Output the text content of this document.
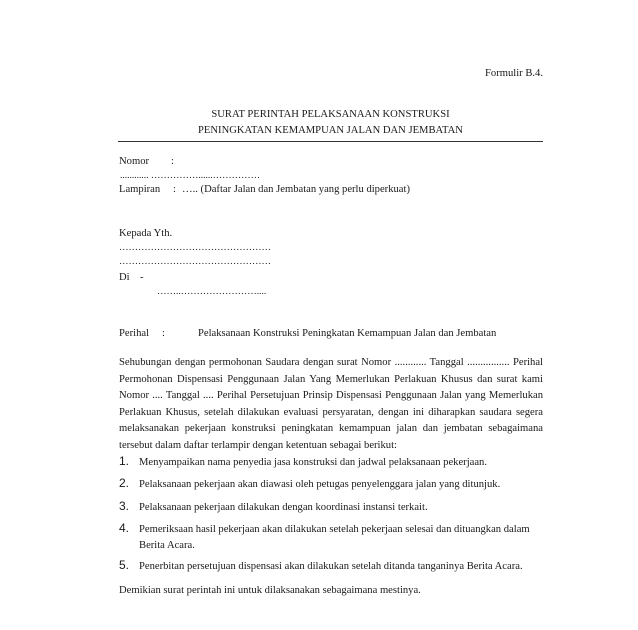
Formulir B.4.
SURAT PERINTAH PELAKSANAAN KONSTRUKSI
PENINGKATAN KEMAMPUAN JALAN DAN JEMBATAN
Nomor :
............ ……………......……………
Lampiran : ….. (Daftar Jalan dan Jembatan yang perlu diperkuat)
Kepada Yth.
…………………………………………
…………………………………………
Di -
……..……………………....
Perihal :	Pelaksanaan Konstruksi Peningkatan Kemampuan Jalan dan Jembatan
Sehubungan dengan permohonan Saudara dengan surat Nomor ............ Tanggal ................ Perihal Permohonan Dispensasi Penggunaan Jalan Yang Memerlukan Perlakuan Khusus dan surat kami Nomor .... Tanggal .... Perihal Persetujuan Prinsip Dispensasi Penggunaan Jalan yang Memerlukan Perlakuan Khusus, setelah dilakukan evaluasi persyaratan, dengan ini diharapkan saudara segera melaksanakan pekerjaan konstruksi peningkatan kemampuan jalan dan jembatan sebagaimana tersebut dalam daftar terlampir dengan ketentuan sebagai berikut:
1. Menyampaikan nama penyedia jasa konstruksi dan jadwal pelaksanaan pekerjaan.
2. Pelaksanaan pekerjaan akan diawasi oleh petugas penyelenggara jalan yang ditunjuk.
3. Pelaksanaan pekerjaan dilakukan dengan koordinasi instansi terkait.
4. Pemeriksaan hasil pekerjaan akan dilakukan setelah pekerjaan selesai dan dituangkan dalam Berita Acara.
5. Penerbitan persetujuan dispensasi akan dilakukan setelah ditanda tanganinya Berita Acara.
Demikian surat perintah ini untuk dilaksanakan sebagaimana mestinya.
